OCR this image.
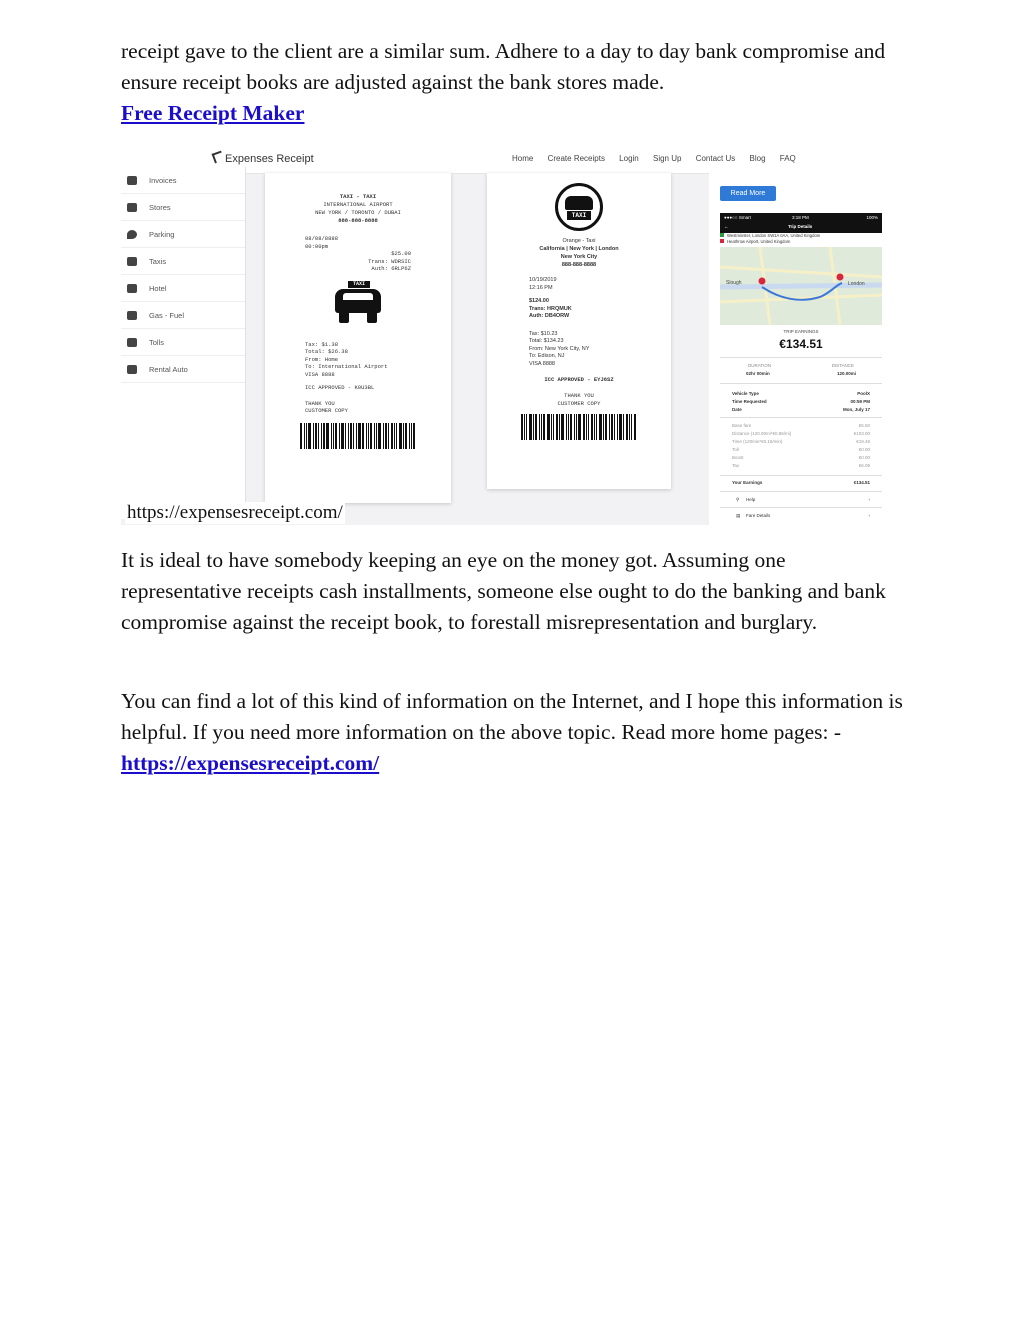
receipt gave to the client are a similar sum. Adhere to a day to day bank compromise and ensure receipt books are adjusted against the bank stores made.
Free Receipt Maker

Expenses Receipt	Home Create Receipts Login Sign Up Contact Us Blog FAQ
Invoices
Stores
Parking
Taxis
Hotel
Gas - Fuel
Tolls
Rental Auto
TAXI - TAXI
INTERNATIONAL AIRPORT
NEW YORK / TORONTO / DUBAI
888-888-8888
08/08/8888
00:00pm
$25.00
Trans: WDRSIC
Auth: 6RLP6Z
TAXI
Tax: $1.38
Total: $26.38
From: Home
To: International Airport
VISA 8888
ICC APPROVED - K0U3BL
THANK YOU
CUSTOMER COPY
TAXI
Orange - Taxi
California | New York | London
New York City
888-888-8888
10/19/2019
12:16 PM
$124.00
Trans: HRQMUK
Auth: DB4ORW
Tax: $10.23
Total: $134.23
From: New York City, NY
To: Edison, NJ
VISA 8888
ICC APPROVED - EYJ6SZ
THANK YOU
CUSTOMER COPY
Read More
●●●○○ Smart	3:18 PM	100%
←	Trip Details
Westminster, London SW1A 0AA, United Kingdom
Heathrow Airport, United Kingdom
Slough	London
TRIP EARNINGS
€134.51
DURATION	DISTANCE
02hr 00min	120.00mi
Vehicle Type	PoolX
Time Requested	00:59 PM
Date	Mon, July 17
Base fare	€5.50
Distance (120.00mi*€0.86/mi)	€103.00
Time (120min*€0.16/min)	€19.49
Toll	€0.00
Boost	€0.00
Tax	€6.09
Your Earnings	€134.51
⚲ Help	›
▤ Fare Details	›
https://expensesreceipt.com/

It is ideal to have somebody keeping an eye on the money got. Assuming one representative receipts cash installments, someone else ought to do the banking and bank compromise against the receipt book, to forestall misrepresentation and burglary.

You can find a lot of this kind of information on the Internet, and I hope this information is helpful. If you need more information on the above topic. Read more home pages: - https://expensesreceipt.com/
